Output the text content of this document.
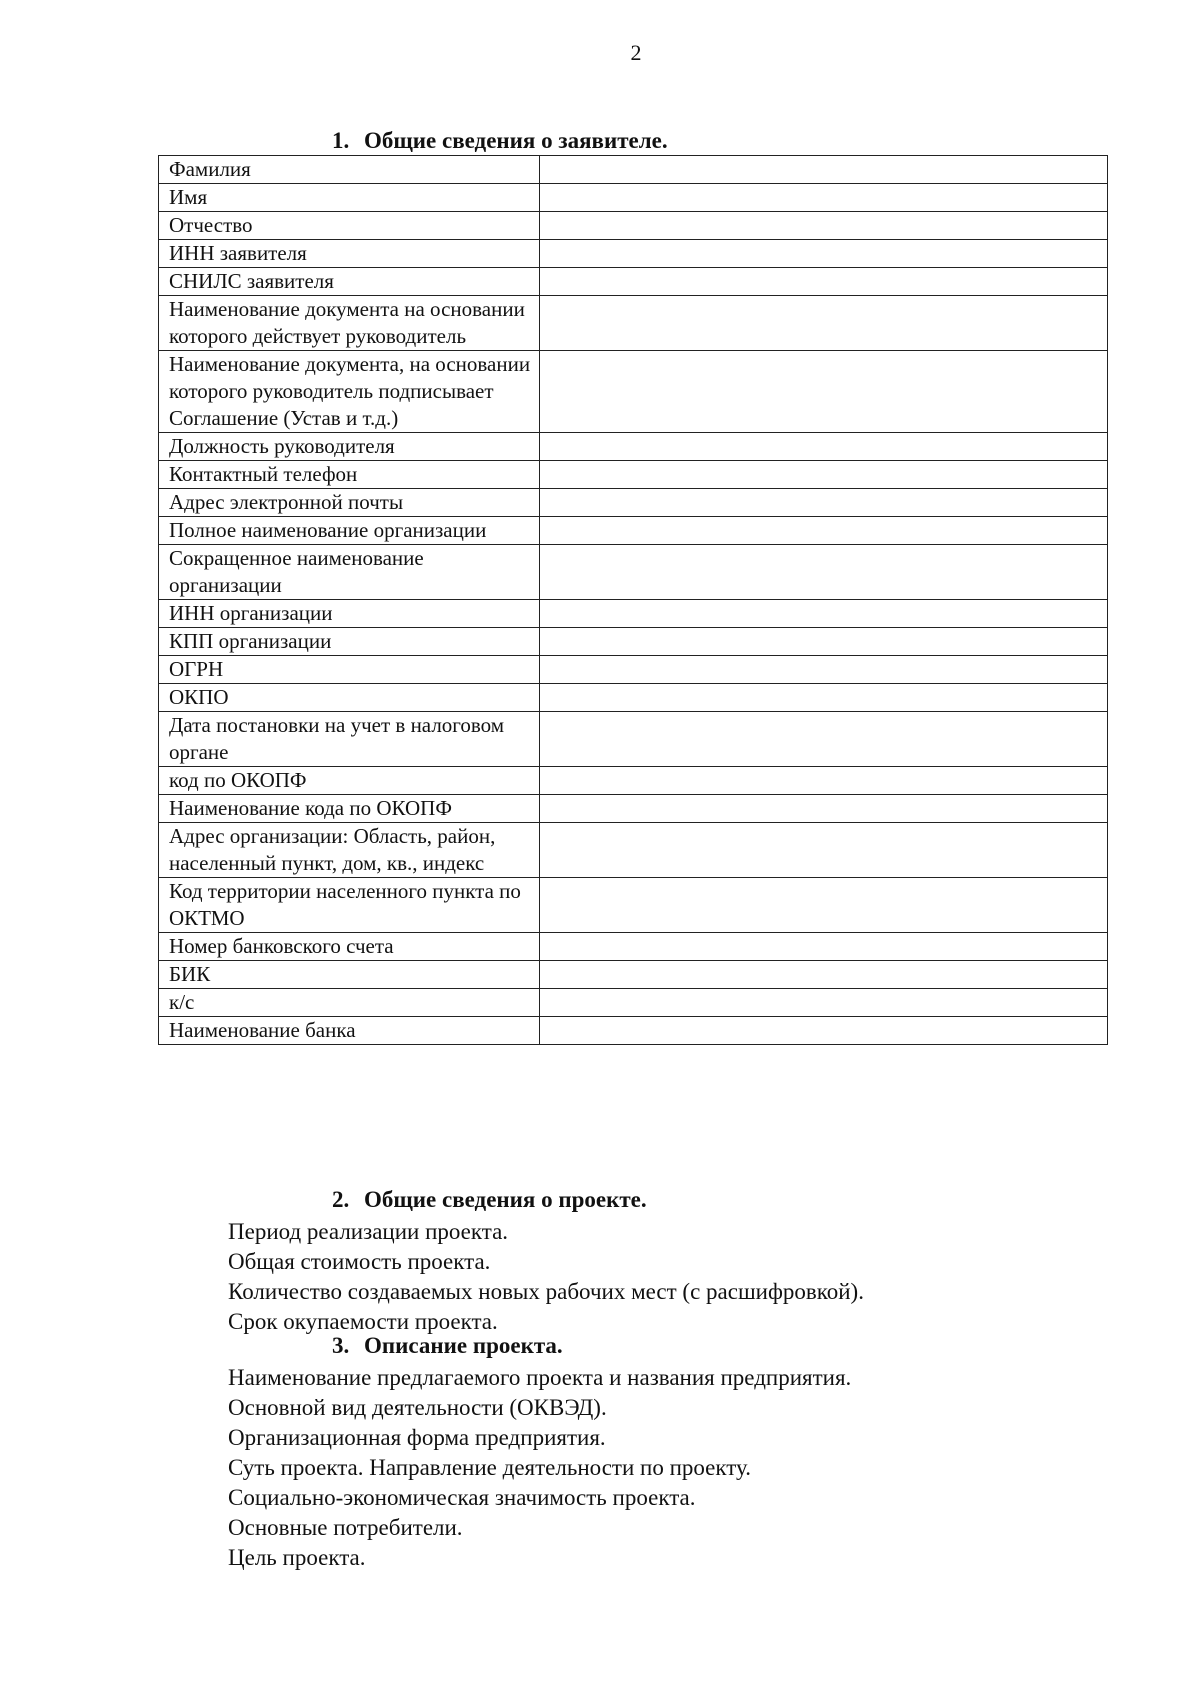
2
1. Общие сведения о заявителе.
Фамилия	
Имя	
Отчество	
ИНН заявителя	
СНИЛС заявителя	
Наименование документа на основании которого действует руководитель	
Наименование документа, на основании которого руководитель подписывает Соглашение (Устав и т.д.)	
Должность руководителя	
Контактный телефон	
Адрес электронной почты	
Полное наименование организации	
Сокращенное наименование организации	
ИНН организации	
КПП организации	
ОГРН	
ОКПО	
Дата постановки на учет в налоговом органе	
код по ОКОПФ	
Наименование кода по ОКОПФ	
Адрес организации: Область, район, населенный пункт, дом, кв., индекс	
Код территории населенного пункта по ОКТМО	
Номер банковского счета	
БИК	
к/с	
Наименование банка	
2. Общие сведения о проекте.
Период реализации проекта.
Общая стоимость проекта.
Количество создаваемых новых рабочих мест (с расшифровкой).
Срок окупаемости проекта.
3. Описание проекта.
Наименование предлагаемого проекта и названия предприятия.
Основной вид деятельности (ОКВЭД).
Организационная форма предприятия.
Суть проекта. Направление деятельности по проекту.
Социально-экономическая значимость проекта.
Основные потребители.
Цель проекта.
